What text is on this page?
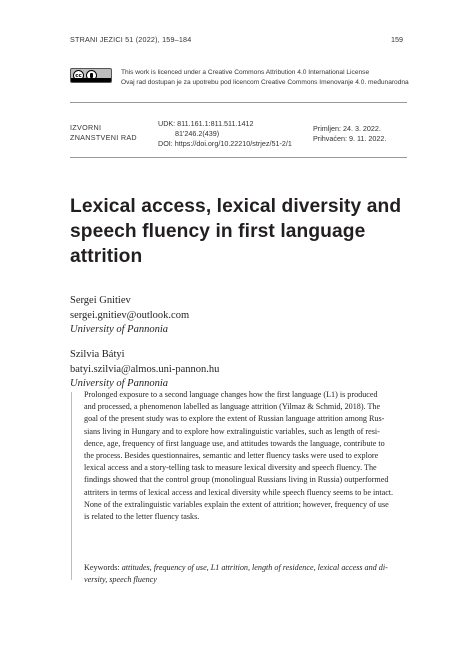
STRANI JEZICI 51 (2022), 159–184	159
cc	This work is licenced under a Creative Commons Attribution 4.0 International License
Ovaj rad dostupan je za upotrebu pod licencom Creative Commons Imenovanje 4.0. međunarodna
IZVORNI
ZNANSTVENI RAD
UDK: 811.161.1:811.511.1412
81'246.2(439)
DOI: https://doi.org/10.22210/strjez/51-2/1
Primljen: 24. 3. 2022.
Prihvaćen: 9. 11. 2022.
Lexical access, lexical diversity and speech fluency in first language attrition
Sergei Gnitiev
sergei.gnitiev@outlook.com
University of Pannonia
Szilvia Bátyi
batyi.szilvia@almos.uni-pannon.hu
University of Pannonia
Prolonged exposure to a second language changes how the first language (L1) is produced
and processed, a phenomenon labelled as language attrition (Yilmaz & Schmid, 2018). The
goal of the present study was to explore the extent of Russian language attrition among Rus-
sians living in Hungary and to explore how extralinguistic variables, such as length of resi-
dence, age, frequency of first language use, and attitudes towards the language, contribute to
the process. Besides questionnaires, semantic and letter fluency tasks were used to explore
lexical access and a story-telling task to measure lexical diversity and speech fluency. The
findings showed that the control group (monolingual Russians living in Russia) outperformed
attriters in terms of lexical access and lexical diversity while speech fluency seems to be intact.
None of the extralinguistic variables explain the extent of attrition; however, frequency of use
is related to the letter fluency tasks.
Keywords: attitudes, frequency of use, L1 attrition, length of residence, lexical access and di-
versity, speech fluency
